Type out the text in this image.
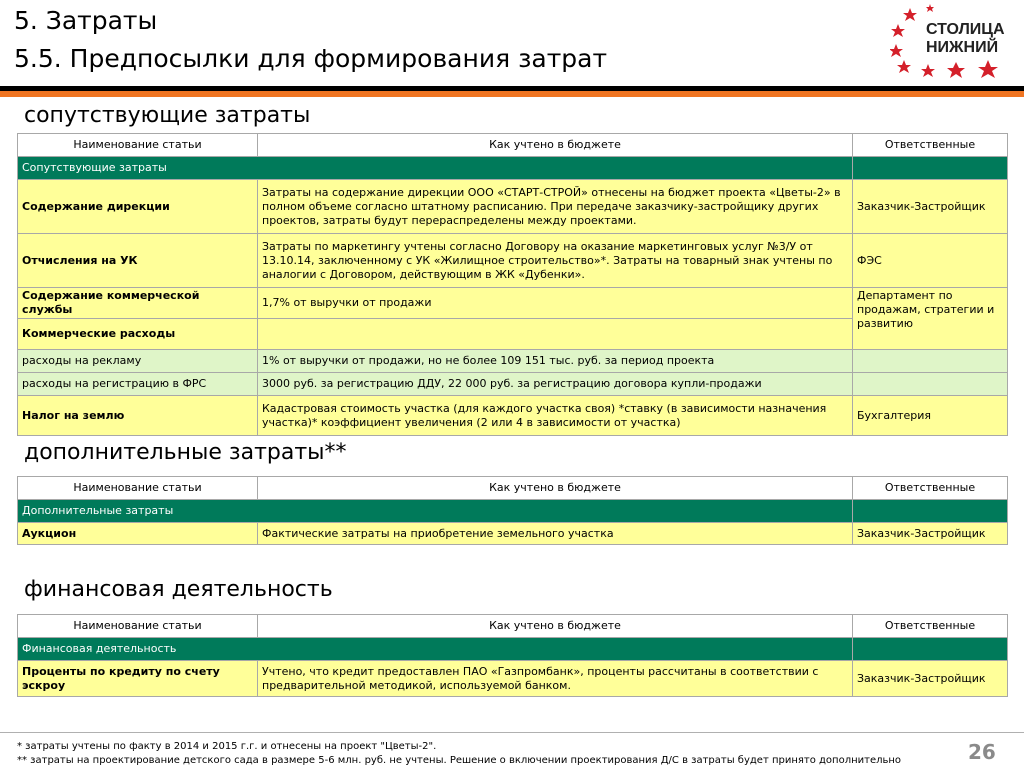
5. Затраты
5.5. Предпосылки для формирования затрат
СТОЛИЦА
НИЖНИЙ
сопутствующие затраты
Наименование статьи	Как учтено в бюджете	Ответственные
Сопутствующие затраты		
Содержание дирекции	Затраты на содержание дирекции ООО «СТАРТ-СТРОЙ» отнесены на бюджет проекта «Цветы-2» в полном объеме согласно штатному расписанию. При передаче заказчику-застройщику других проектов, затраты будут перераспределены между проектами.	Заказчик-Застройщик
Отчисления на УК	Затраты по маркетингу учтены согласно Договору на оказание маркетинговых услуг №3/У от 13.10.14, заключенному с УК «Жилищное строительство»*. Затраты на товарный знак учтены по аналогии с Договором, действующим в ЖК «Дубенки».	ФЭС
Содержание коммерческой службы	1,7% от выручки от продажи	Департамент по продажам, стратегии и развитию
Коммерческие расходы		
расходы на рекламу	1% от выручки от продажи, но не более 109 151 тыс. руб. за период проекта	
расходы на регистрацию в ФРС	3000 руб. за регистрацию ДДУ, 22 000 руб. за регистрацию договора купли-продажи	
Налог на землю	Кадастровая стоимость участка (для каждого участка своя) *ставку (в зависимости назначения участка)* коэффициент увеличения (2 или 4 в зависимости от участка)	Бухгалтерия
дополнительные затраты**
Наименование статьи	Как учтено в бюджете	Ответственные
Дополнительные затраты		
Аукцион	Фактические затраты на приобретение земельного участка	Заказчик-Застройщик
финансовая деятельность
Наименование статьи	Как учтено в бюджете	Ответственные
Финансовая деятельность		
Проценты по кредиту по счету эскроу	Учтено, что кредит предоставлен ПАО «Газпромбанк», проценты рассчитаны в соответствии с предварительной методикой, используемой банком.	Заказчик-Застройщик
* затраты учтены по факту в 2014 и 2015 г.г. и отнесены на проект "Цветы-2".
** затраты на проектирование детского сада в размере 5-6 млн. руб. не учтены. Решение о включении проектирования Д/С в затраты будет принято дополнительно	26
